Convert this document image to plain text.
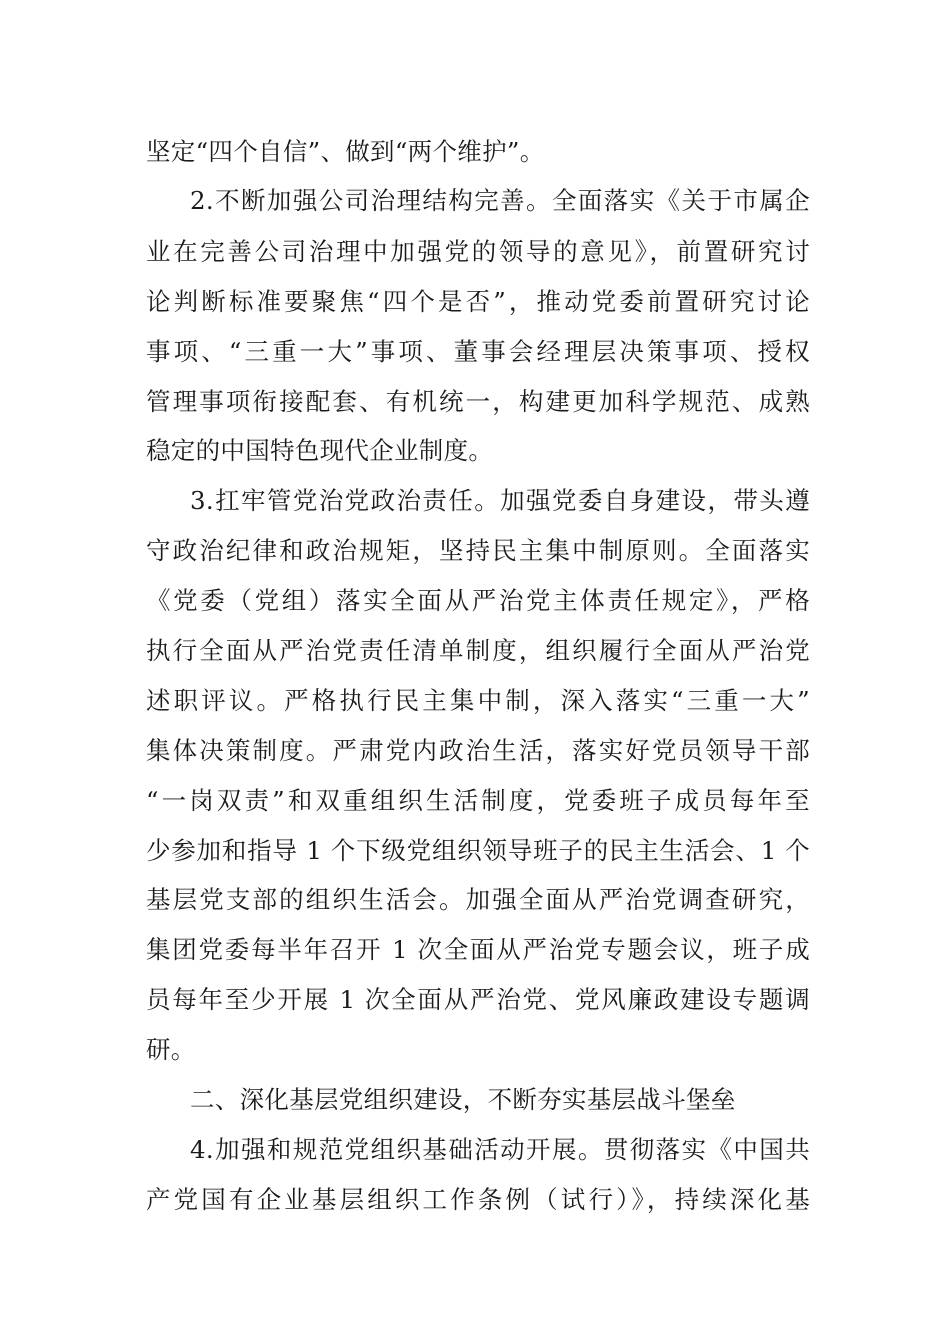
坚定“四个自信”、做到“两个维护”。
2.不断加强公司治理结构完善。全面落实《关于市属企
业在完善公司治理中加强党的领导的意见》，前置研究讨
论判断标准要聚焦“四个是否”，推动党委前置研究讨论
事项、“三重一大”事项、董事会经理层决策事项、授权
管理事项衔接配套、有机统一，构建更加科学规范、成熟
稳定的中国特色现代企业制度。
3.扛牢管党治党政治责任。加强党委自身建设，带头遵
守政治纪律和政治规矩，坚持民主集中制原则。全面落实
《党委（党组）落实全面从严治党主体责任规定》，严格
执行全面从严治党责任清单制度，组织履行全面从严治党
述职评议。严格执行民主集中制，深入落实“三重一大”
集体决策制度。严肃党内政治生活，落实好党员领导干部
“一岗双责”和双重组织生活制度，党委班子成员每年至
少参加和指导 1 个下级党组织领导班子的民主生活会、1 个
基层党支部的组织生活会。加强全面从严治党调查研究，
集团党委每半年召开 1 次全面从严治党专题会议，班子成
员每年至少开展 1 次全面从严治党、党风廉政建设专题调
研。
二、深化基层党组织建设，不断夯实基层战斗堡垒
4.加强和规范党组织基础活动开展。贯彻落实《中国共
产党国有企业基层组织工作条例（试行）》，持续深化基
